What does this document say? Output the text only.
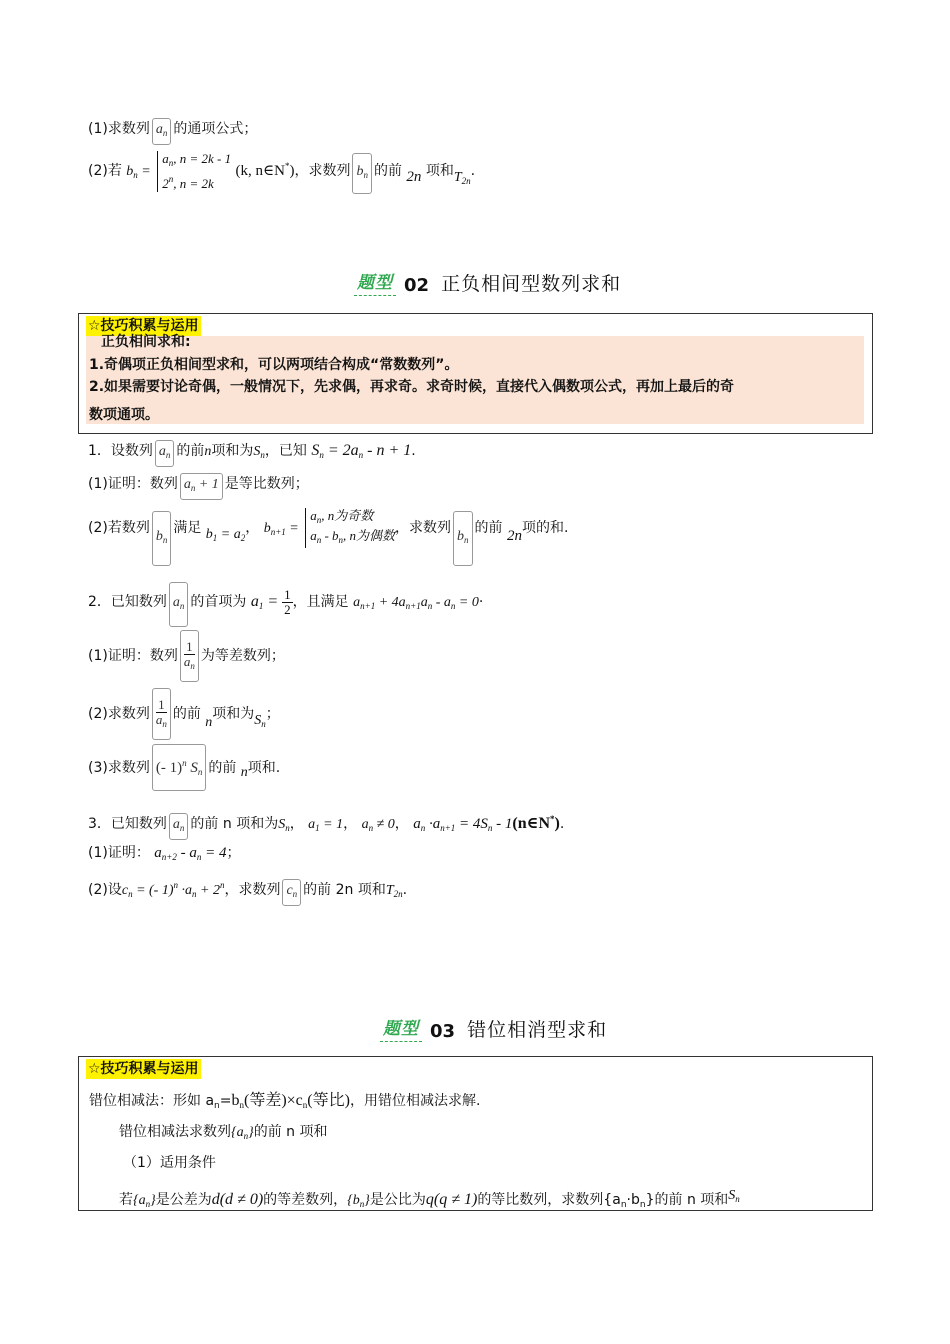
(1)求数列 $a_n$ 的通项公式；
(2)若 $b_n$ =
$a_n$, n = 2k - 1
2$^n$, n = 2k
(k, n∈N*)，求数列 $b_n$ 的前 2n 项和$T_{2n}$.
题型 02 正负相间型数列求和
☆技巧积累与运用
正负相间求和:
1.奇偶项正负相间型求和，可以两项结合构成“常数数列”。
2.如果需要讨论奇偶，一般情况下，先求偶，再求奇。求奇时候，直接代入偶数项公式，再加上最后的奇
数项通项。
1．设数列 $a_n$ 的前n项和为$S_n$，已知 $S_n = 2a_n - n + 1$.
(1)证明：数列 $a_n + 1$ 是等比数列；
(2)若数列$b_n$满足 $b_1 = a_2$， $b_{n+1}$ =
$a_n$, n为奇数
$a_n - b_n$, n为偶数 ，求数列$b_n$的前 2n项的和.
2．已知数列 $a_n$ 的首项为 $a_1 = \frac{1}{2}$ ，且满足 $a_{n+1} + 4a_{n+1}a_n - a_n = 0\cdot$
(1)证明：数列 $\frac{1}{a_n}$ 为等差数列；
(2)求数列 $\frac{1}{a_n}$ 的前 n项和为$S_n$；
(3)求数列 (- 1)$^n$ $S_n$ 的前 n项和.
3．已知数列 $a_n$ 的前 n 项和为$S_n$， $a_1 = 1$， $a_n \ne 0$， $a_n \cdot a_{n+1} = 4S_n$ - 1(n∈N*).
(1)证明： $a_{n+2} - a_n = 4$；
(2)设$c_n$ = (- $1)^n \cdot a_n + 2^n$，求数列 $c_n$ 的前 2n 项和$T_{2n}$.
题型 03 错位相消型求和
☆技巧积累与运用
错位相减法：形如 $a_n=b_n$(等差)$\times c_n$(等比)，用错位相减法求解.
错位相减法求数列$\{a_n\}$的前 n 项和
（1）适用条件
若$\{a_n\}$是公差为d(d ≠ 0)的等差数列，$\{b_n\}$是公比为q(q ≠ 1)的等比数列，求数列$\{a_n\cdot b_n\}$的前 n 项和$S_n$
